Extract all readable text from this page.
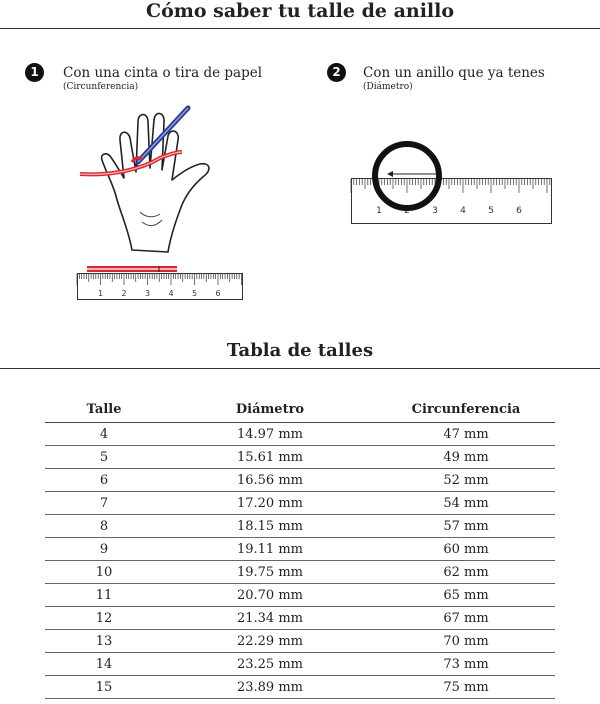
Cómo saber tu talle de anillo
1	Con una cinta o tira de papel
(Circunferencia)
2	Con un anillo que ya tenes
(Diámetro)
1 2 3 4 5 6
1 2 3 4 5 6
Tabla de talles
Talle	Diámetro	Circunferencia
4	14.97 mm	47 mm
5	15.61 mm	49 mm
6	16.56 mm	52 mm
7	17.20 mm	54 mm
8	18.15 mm	57 mm
9	19.11 mm	60 mm
10	19.75 mm	62 mm
11	20.70 mm	65 mm
12	21.34 mm	67 mm
13	22.29 mm	70 mm
14	23.25 mm	73 mm
15	23.89 mm	75 mm
